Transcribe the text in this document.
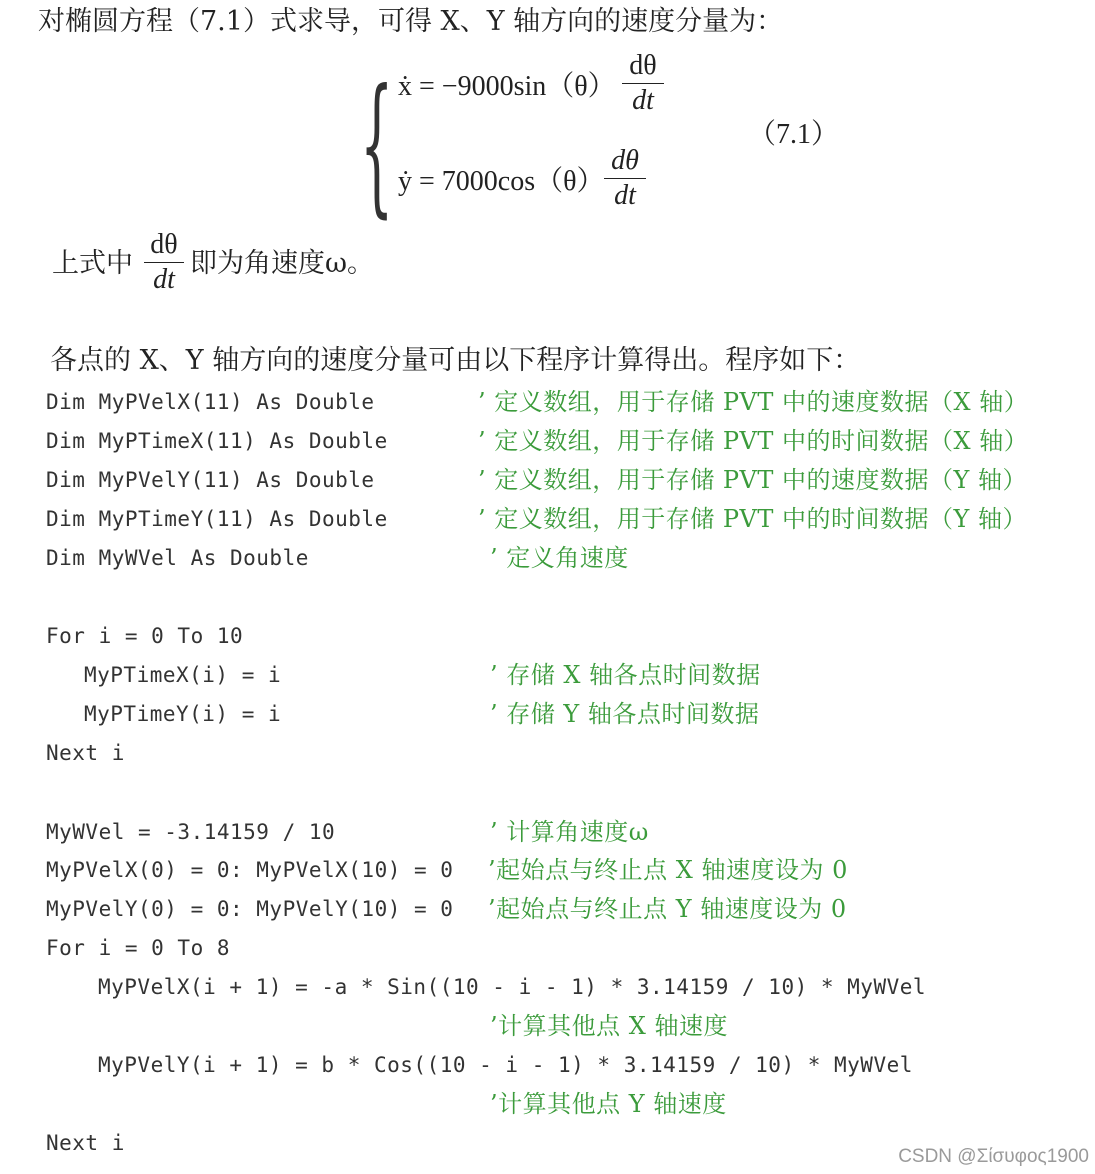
对椭圆方程（7.1）式求导，可得 X、Y 轴方向的速度分量为：
{ ẋ = −9000sin（θ）
dθ
dt
（7.1）
ẏ = 7000cos（θ）
dθ
dt
上式中
dθ
dt
即为角速度ω。
各点的 X、Y 轴方向的速度分量可由以下程序计算得出。程序如下：
Dim MyPVelX(11) As Double	’ 定义数组，用于存储 PVT 中的速度数据（X 轴）
Dim MyPTimeX(11) As Double	’ 定义数组，用于存储 PVT 中的时间数据（X 轴）
Dim MyPVelY(11) As Double	’ 定义数组，用于存储 PVT 中的速度数据（Y 轴）
Dim MyPTimeY(11) As Double	’ 定义数组，用于存储 PVT 中的时间数据（Y 轴）
Dim MyWVel As Double	’ 定义角速度
For i = 0 To 10
MyPTimeX(i) = i	’ 存储 X 轴各点时间数据
MyPTimeY(i) = i	’ 存储 Y 轴各点时间数据
Next i
MyWVel = -3.14159 / 10	’ 计算角速度ω
MyPVelX(0) = 0: MyPVelX(10) = 0 ’起始点与终止点 X 轴速度设为 0
MyPVelY(0) = 0: MyPVelY(10) = 0 ’起始点与终止点 Y 轴速度设为 0
For i = 0 To 8
MyPVelX(i + 1) = -a * Sin((10 - i - 1) * 3.14159 / 10) * MyWVel
’计算其他点 X 轴速度
MyPVelY(i + 1) = b * Cos((10 - i - 1) * 3.14159 / 10) * MyWVel
’计算其他点 Y 轴速度
Next i
CSDN @Σίσυφος1900
